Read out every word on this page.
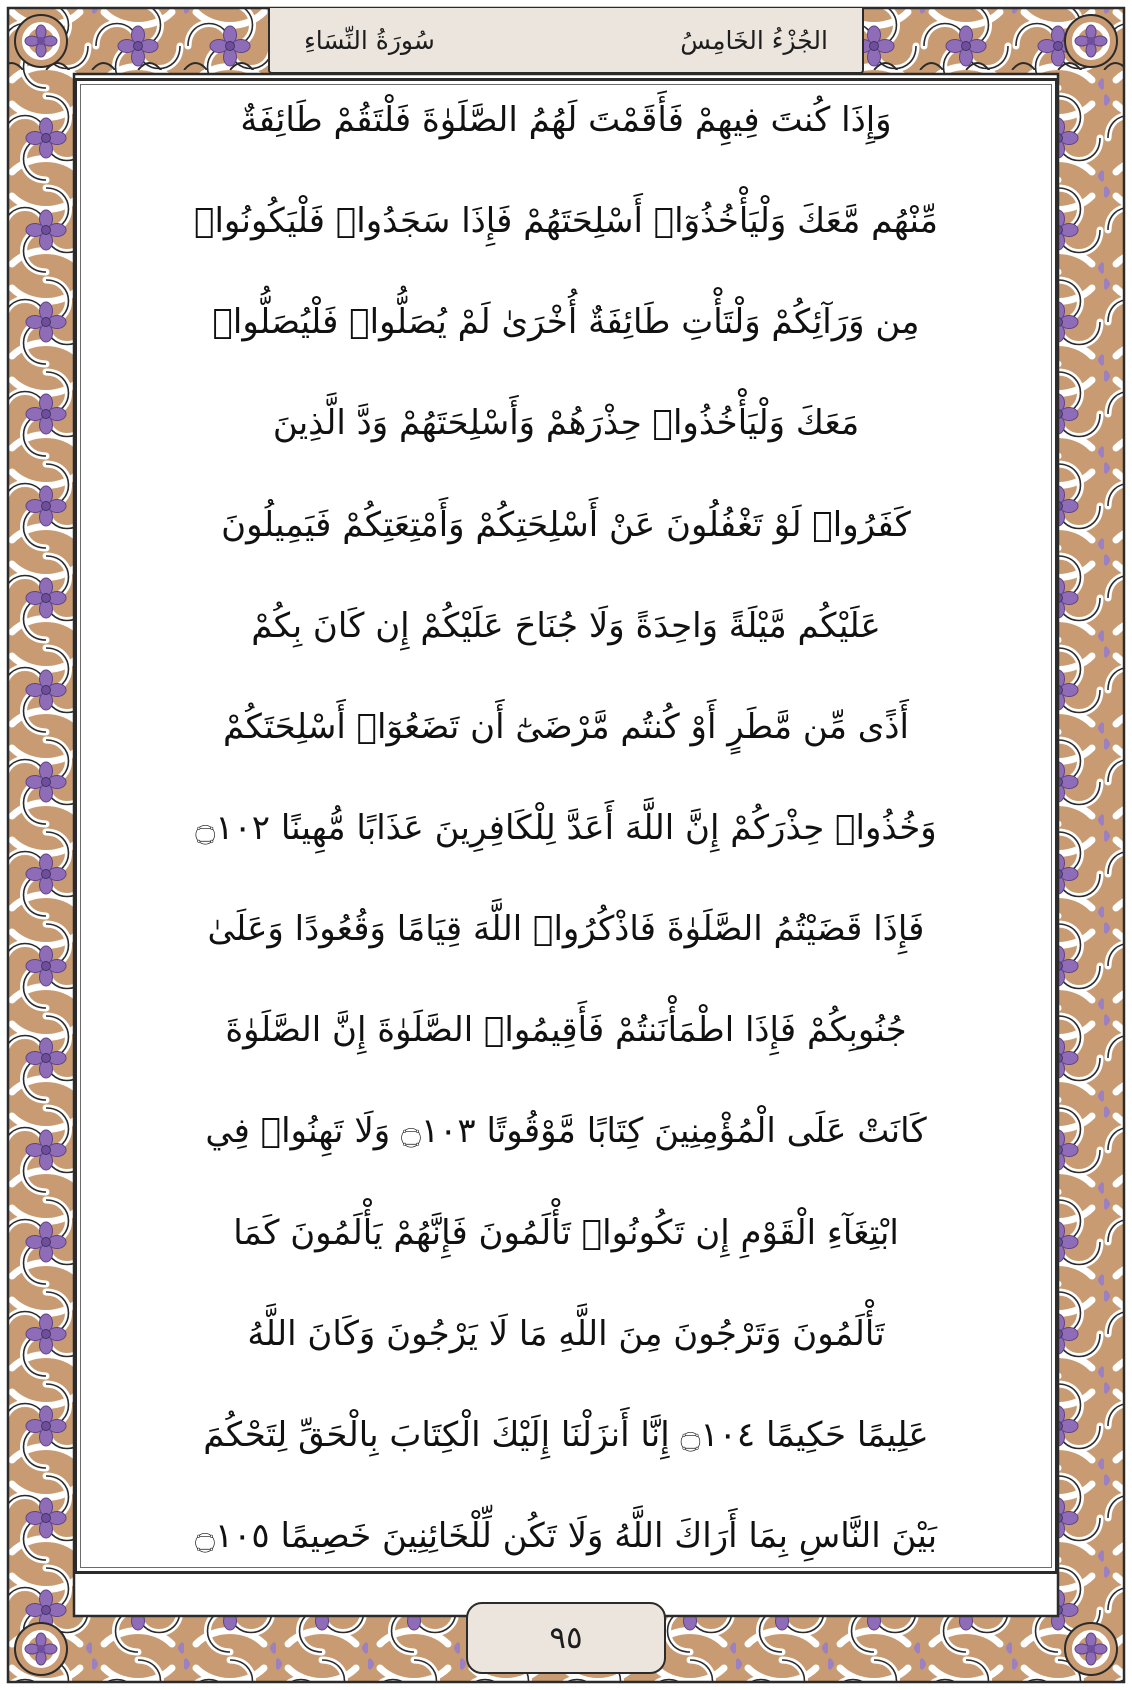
سُورَةُ النِّسَاءِ	الجُزْءُ الخَامِسُ
وَإِذَا كُنتَ فِيهِمْ فَأَقَمْتَ لَهُمُ الصَّلَوٰةَ فَلْتَقُمْ طَائِفَةٌ
مِّنْهُم مَّعَكَ وَلْيَأْخُذُوٓا۟ أَسْلِحَتَهُمْ فَإِذَا سَجَدُوا۟ فَلْيَكُونُوا۟
مِن وَرَآئِكُمْ وَلْتَأْتِ طَائِفَةٌ أُخْرَىٰ لَمْ يُصَلُّوا۟ فَلْيُصَلُّوا۟
مَعَكَ وَلْيَأْخُذُوا۟ حِذْرَهُمْ وَأَسْلِحَتَهُمْ وَدَّ الَّذِينَ
كَفَرُوا۟ لَوْ تَغْفُلُونَ عَنْ أَسْلِحَتِكُمْ وَأَمْتِعَتِكُمْ فَيَمِيلُونَ
عَلَيْكُم مَّيْلَةً وَاحِدَةً وَلَا جُنَاحَ عَلَيْكُمْ إِن كَانَ بِكُمْ
أَذًى مِّن مَّطَرٍ أَوْ كُنتُم مَّرْضَىٰٓ أَن تَضَعُوٓا۟ أَسْلِحَتَكُمْ
وَخُذُوا۟ حِذْرَكُمْ إِنَّ اللَّهَ أَعَدَّ لِلْكَافِرِينَ عَذَابًا مُّهِينًا ۝١٠٢
فَإِذَا قَضَيْتُمُ الصَّلَوٰةَ فَاذْكُرُوا۟ اللَّهَ قِيَامًا وَقُعُودًا وَعَلَىٰ
جُنُوبِكُمْ فَإِذَا اطْمَأْنَنتُمْ فَأَقِيمُوا۟ الصَّلَوٰةَ إِنَّ الصَّلَوٰةَ
كَانَتْ عَلَى الْمُؤْمِنِينَ كِتَابًا مَّوْقُوتًا ۝١٠٣ وَلَا تَهِنُوا۟ فِي
ابْتِغَآءِ الْقَوْمِ إِن تَكُونُوا۟ تَأْلَمُونَ فَإِنَّهُمْ يَأْلَمُونَ كَمَا
تَأْلَمُونَ وَتَرْجُونَ مِنَ اللَّهِ مَا لَا يَرْجُونَ وَكَانَ اللَّهُ
عَلِيمًا حَكِيمًا ۝١٠٤ إِنَّا أَنزَلْنَا إِلَيْكَ الْكِتَابَ بِالْحَقِّ لِتَحْكُمَ
بَيْنَ النَّاسِ بِمَا أَرَاكَ اللَّهُ وَلَا تَكُن لِّلْخَائِنِينَ خَصِيمًا ۝١٠٥
٩٥
